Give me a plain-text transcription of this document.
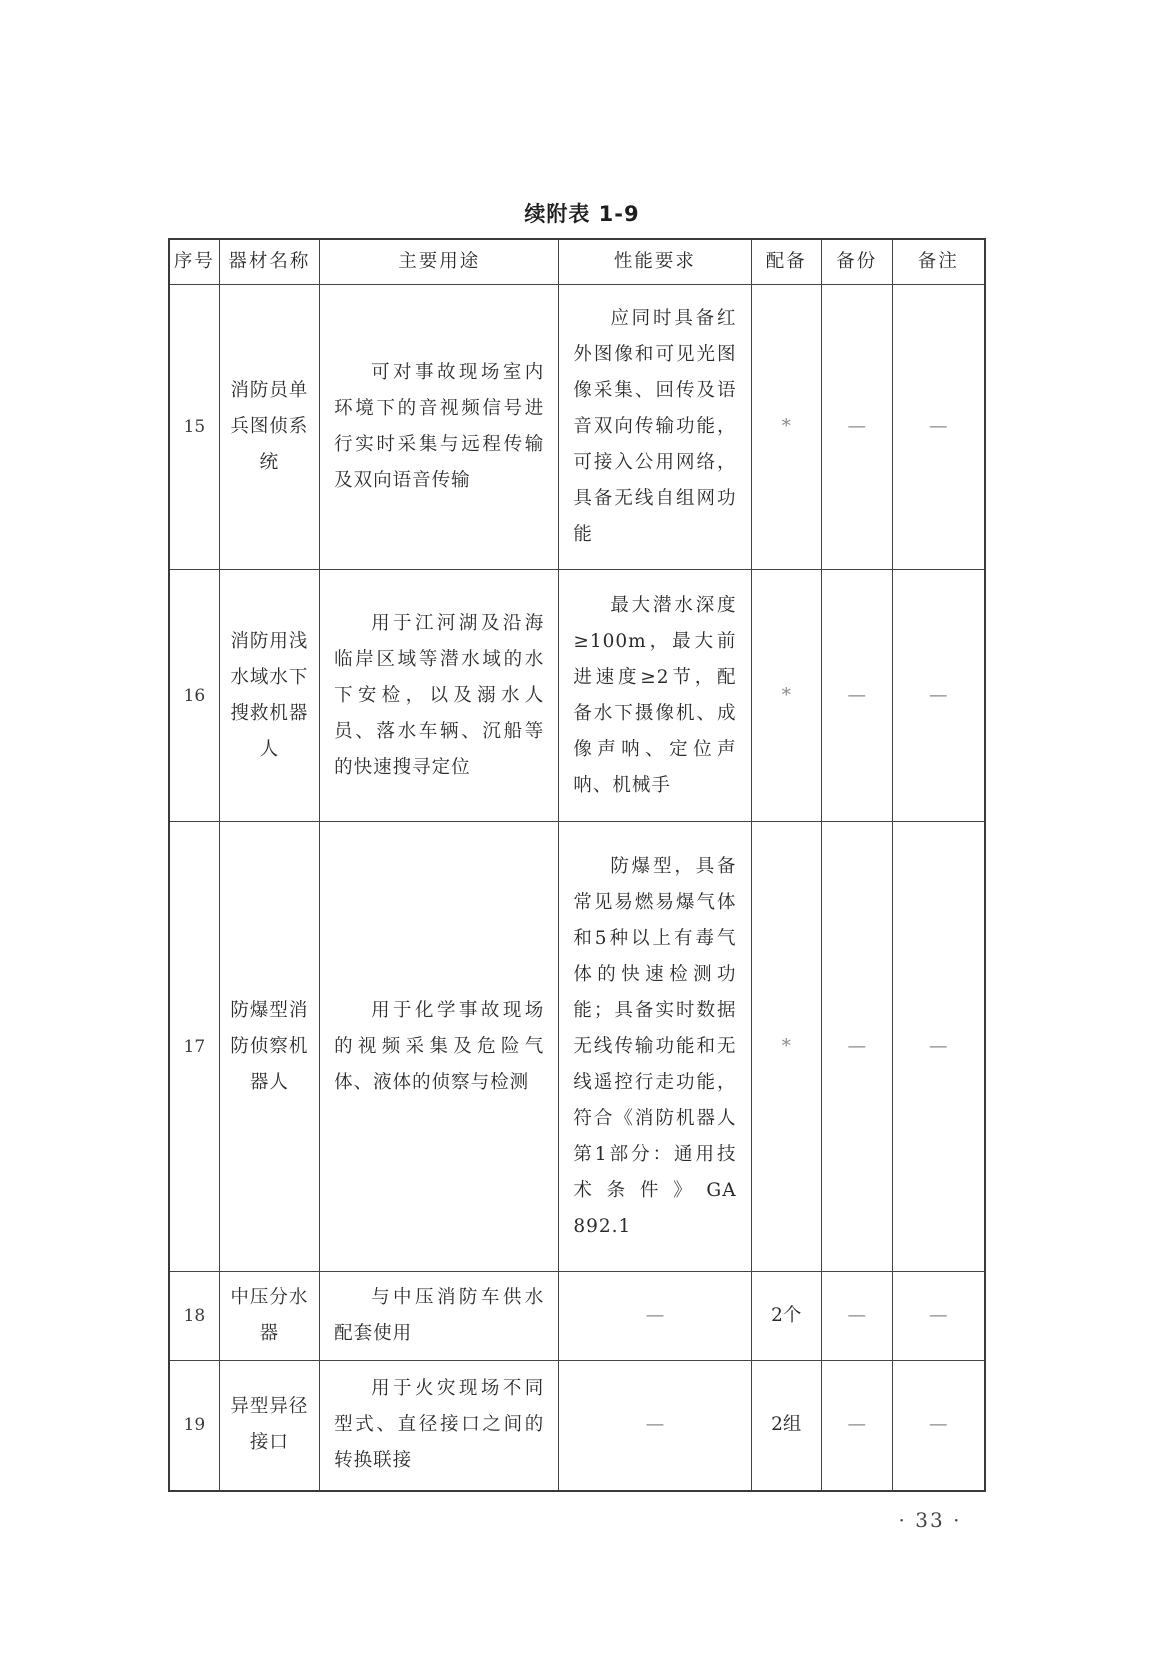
续附表 1-9
序号	器材名称	主要用途	性能要求	配备	备份	备注
15	消防员单兵图侦系统	可对事故现场室内环境下的音视频信号进行实时采集与远程传输及双向语音传输	应同时具备红外图像和可见光图像采集、回传及语音双向传输功能，可接入公用网络，具备无线自组网功能	*	—	—
16	消防用浅水域水下搜救机器人	用于江河湖及沿海临岸区域等潜水域的水下安检，以及溺水人员、落水车辆、沉船等的快速搜寻定位	最大潜水深度≥100m，最大前进速度≥2节，配备水下摄像机、成像声呐、定位声呐、机械手	*	—	—
17	防爆型消防侦察机器人	用于化学事故现场的视频采集及危险气体、液体的侦察与检测	防爆型，具备常见易燃易爆气体和5种以上有毒气体的快速检测功能；具备实时数据无线传输功能和无线遥控行走功能，符合《消防机器人　第1部分：通用技术条件》GA 892.1	*	—	—
18	中压分水器	与中压消防车供水配套使用	—	2个	—	—
19	异型异径接口	用于火灾现场不同型式、直径接口之间的转换联接	—	2组	—	—
· 33 ·
